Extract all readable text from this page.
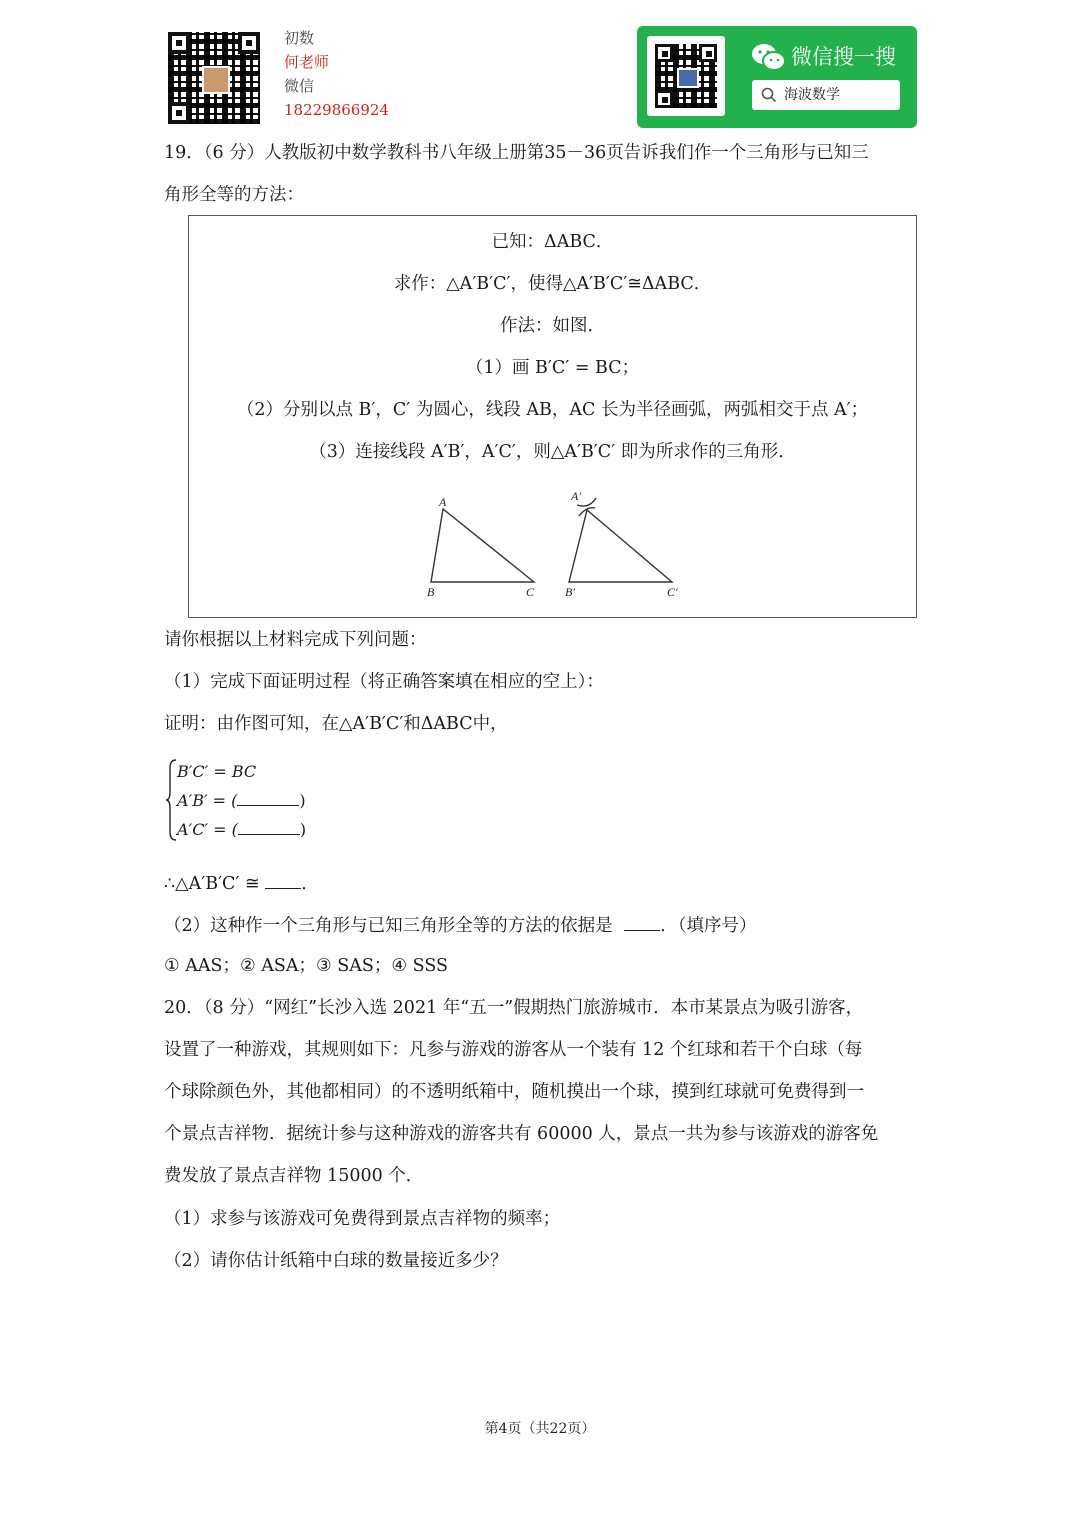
初数
何老师
微信
18229866924
微信搜一搜
海波数学
19．（6 分）人教版初中数学教科书八年级上册第35－36页告诉我们作一个三角形与已知三
角形全等的方法：
已知：ΔABC．
求作：△A′B′C′，使得△A′B′C′≅ΔABC．
作法：如图．
（1）画 B′C′ = BC；
（2）分别以点 B′，C′ 为圆心，线段 AB，AC 长为半径画弧，两弧相交于点 A′；
（3）连接线段 A′B′，A′C′，则△A′B′C′ 即为所求作的三角形．
A
B	C
A′
B′	C′
请你根据以上材料完成下列问题：
（1）完成下面证明过程（将正确答案填在相应的空上）：
证明：由作图可知，在△A′B′C′和ΔABC中，
B′C′ = BC
A′B′ = (	)
A′C′ = (	)
∴△A′B′C′ ≅ ．
（2）这种作一个三角形与已知三角形全等的方法的依据是	．（填序号）
① AAS；② ASA；③ SAS；④ SSS
20．（8 分）“网红”长沙入选 2021 年“五一”假期热门旅游城市．本市某景点为吸引游客，
设置了一种游戏，其规则如下：凡参与游戏的游客从一个装有 12 个红球和若干个白球（每
个球除颜色外，其他都相同）的不透明纸箱中，随机摸出一个球，摸到红球就可免费得到一
个景点吉祥物．据统计参与这种游戏的游客共有 60000 人，景点一共为参与该游戏的游客免
费发放了景点吉祥物 15000 个．
（1）求参与该游戏可免费得到景点吉祥物的频率；
（2）请你估计纸箱中白球的数量接近多少？
第4页（共22页）
